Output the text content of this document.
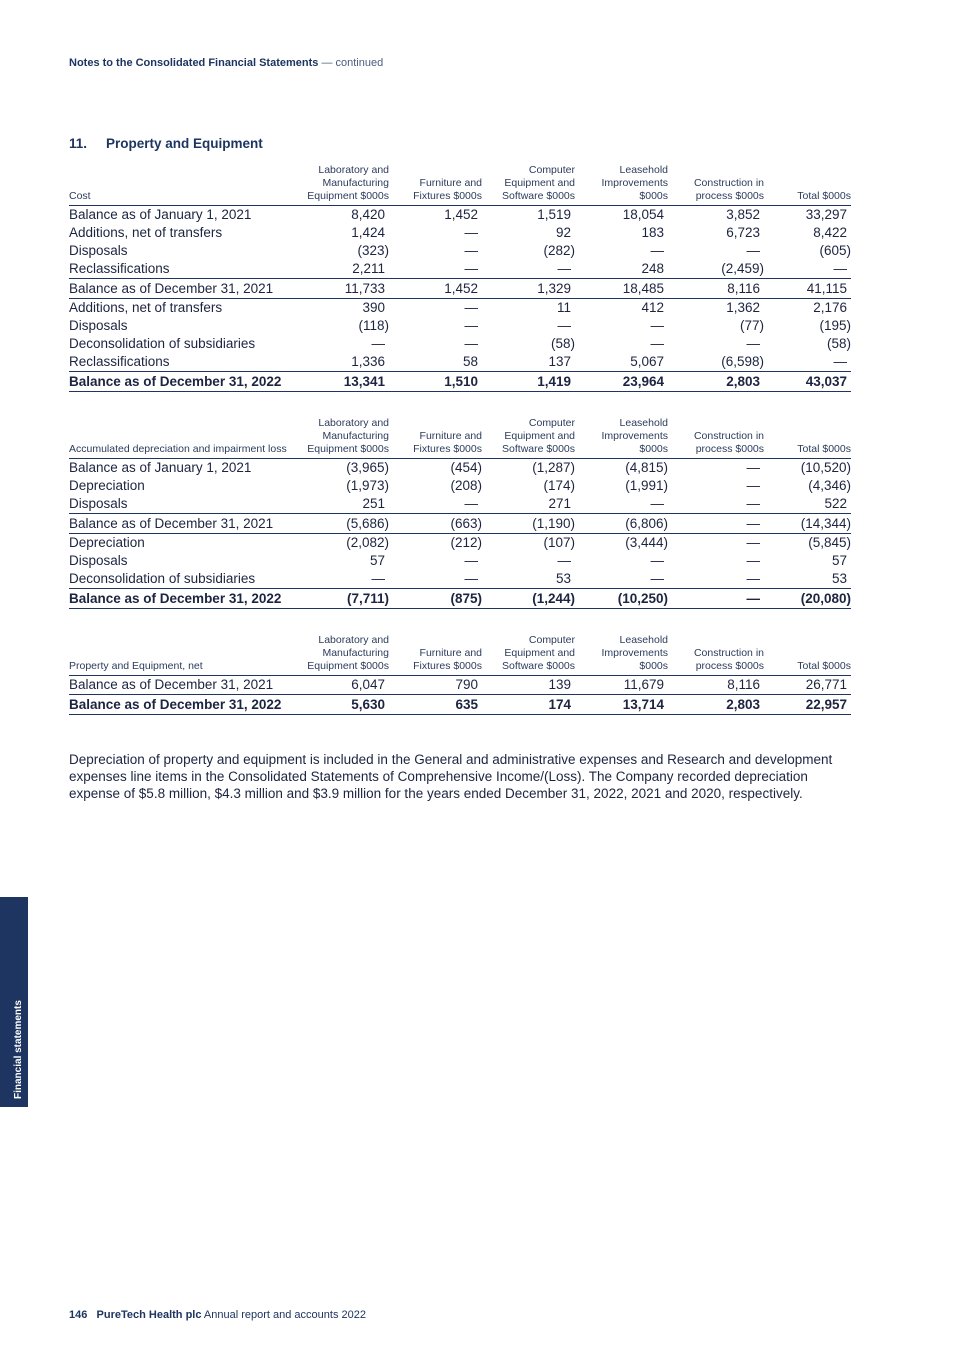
Notes to the Consolidated Financial Statements — continued
11. Property and Equipment
Cost	Laboratory and Manufacturing Equipment $000s	Furniture and Fixtures $000s	Computer Equipment and Software $000s	Leasehold Improvements $000s	Construction in process $000s	Total $000s
Balance as of January 1, 2021	8,420	1,452	1,519	18,054	3,852	33,297
Additions, net of transfers	1,424	—	92	183	6,723	8,422
Disposals	(323)	—	(282)	—	—	(605)
Reclassifications	2,211	—	—	248	(2,459)	—
Balance as of December 31, 2021	11,733	1,452	1,329	18,485	8,116	41,115
Additions, net of transfers	390	—	11	412	1,362	2,176
Disposals	(118)	—	—	—	(77)	(195)
Deconsolidation of subsidiaries	—	—	(58)	—	—	(58)
Reclassifications	1,336	58	137	5,067	(6,598)	—
Balance as of December 31, 2022	13,341	1,510	1,419	23,964	2,803	43,037
Accumulated depreciation and impairment loss	Laboratory and Manufacturing Equipment $000s	Furniture and Fixtures $000s	Computer Equipment and Software $000s	Leasehold Improvements $000s	Construction in process $000s	Total $000s
Balance as of January 1, 2021	(3,965)	(454)	(1,287)	(4,815)	—	(10,520)
Depreciation	(1,973)	(208)	(174)	(1,991)	—	(4,346)
Disposals	251	—	271	—	—	522
Balance as of December 31, 2021	(5,686)	(663)	(1,190)	(6,806)	—	(14,344)
Depreciation	(2,082)	(212)	(107)	(3,444)	—	(5,845)
Disposals	57	—	—	—	—	57
Deconsolidation of subsidiaries	—	—	53	—	—	53
Balance as of December 31, 2022	(7,711)	(875)	(1,244)	(10,250)	—	(20,080)
Property and Equipment, net	Laboratory and Manufacturing Equipment $000s	Furniture and Fixtures $000s	Computer Equipment and Software $000s	Leasehold Improvements $000s	Construction in process $000s	Total $000s
Balance as of December 31, 2021	6,047	790	139	11,679	8,116	26,771
Balance as of December 31, 2022	5,630	635	174	13,714	2,803	22,957

Depreciation of property and equipment is included in the General and administrative expenses and Research and development expenses line items in the Consolidated Statements of Comprehensive Income/(Loss). The Company recorded depreciation expense of $5.8 million, $4.3 million and $3.9 million for the years ended December 31, 2022, 2021 and 2020, respectively.

Financial statements
146 PureTech Health plc Annual report and accounts 2022
